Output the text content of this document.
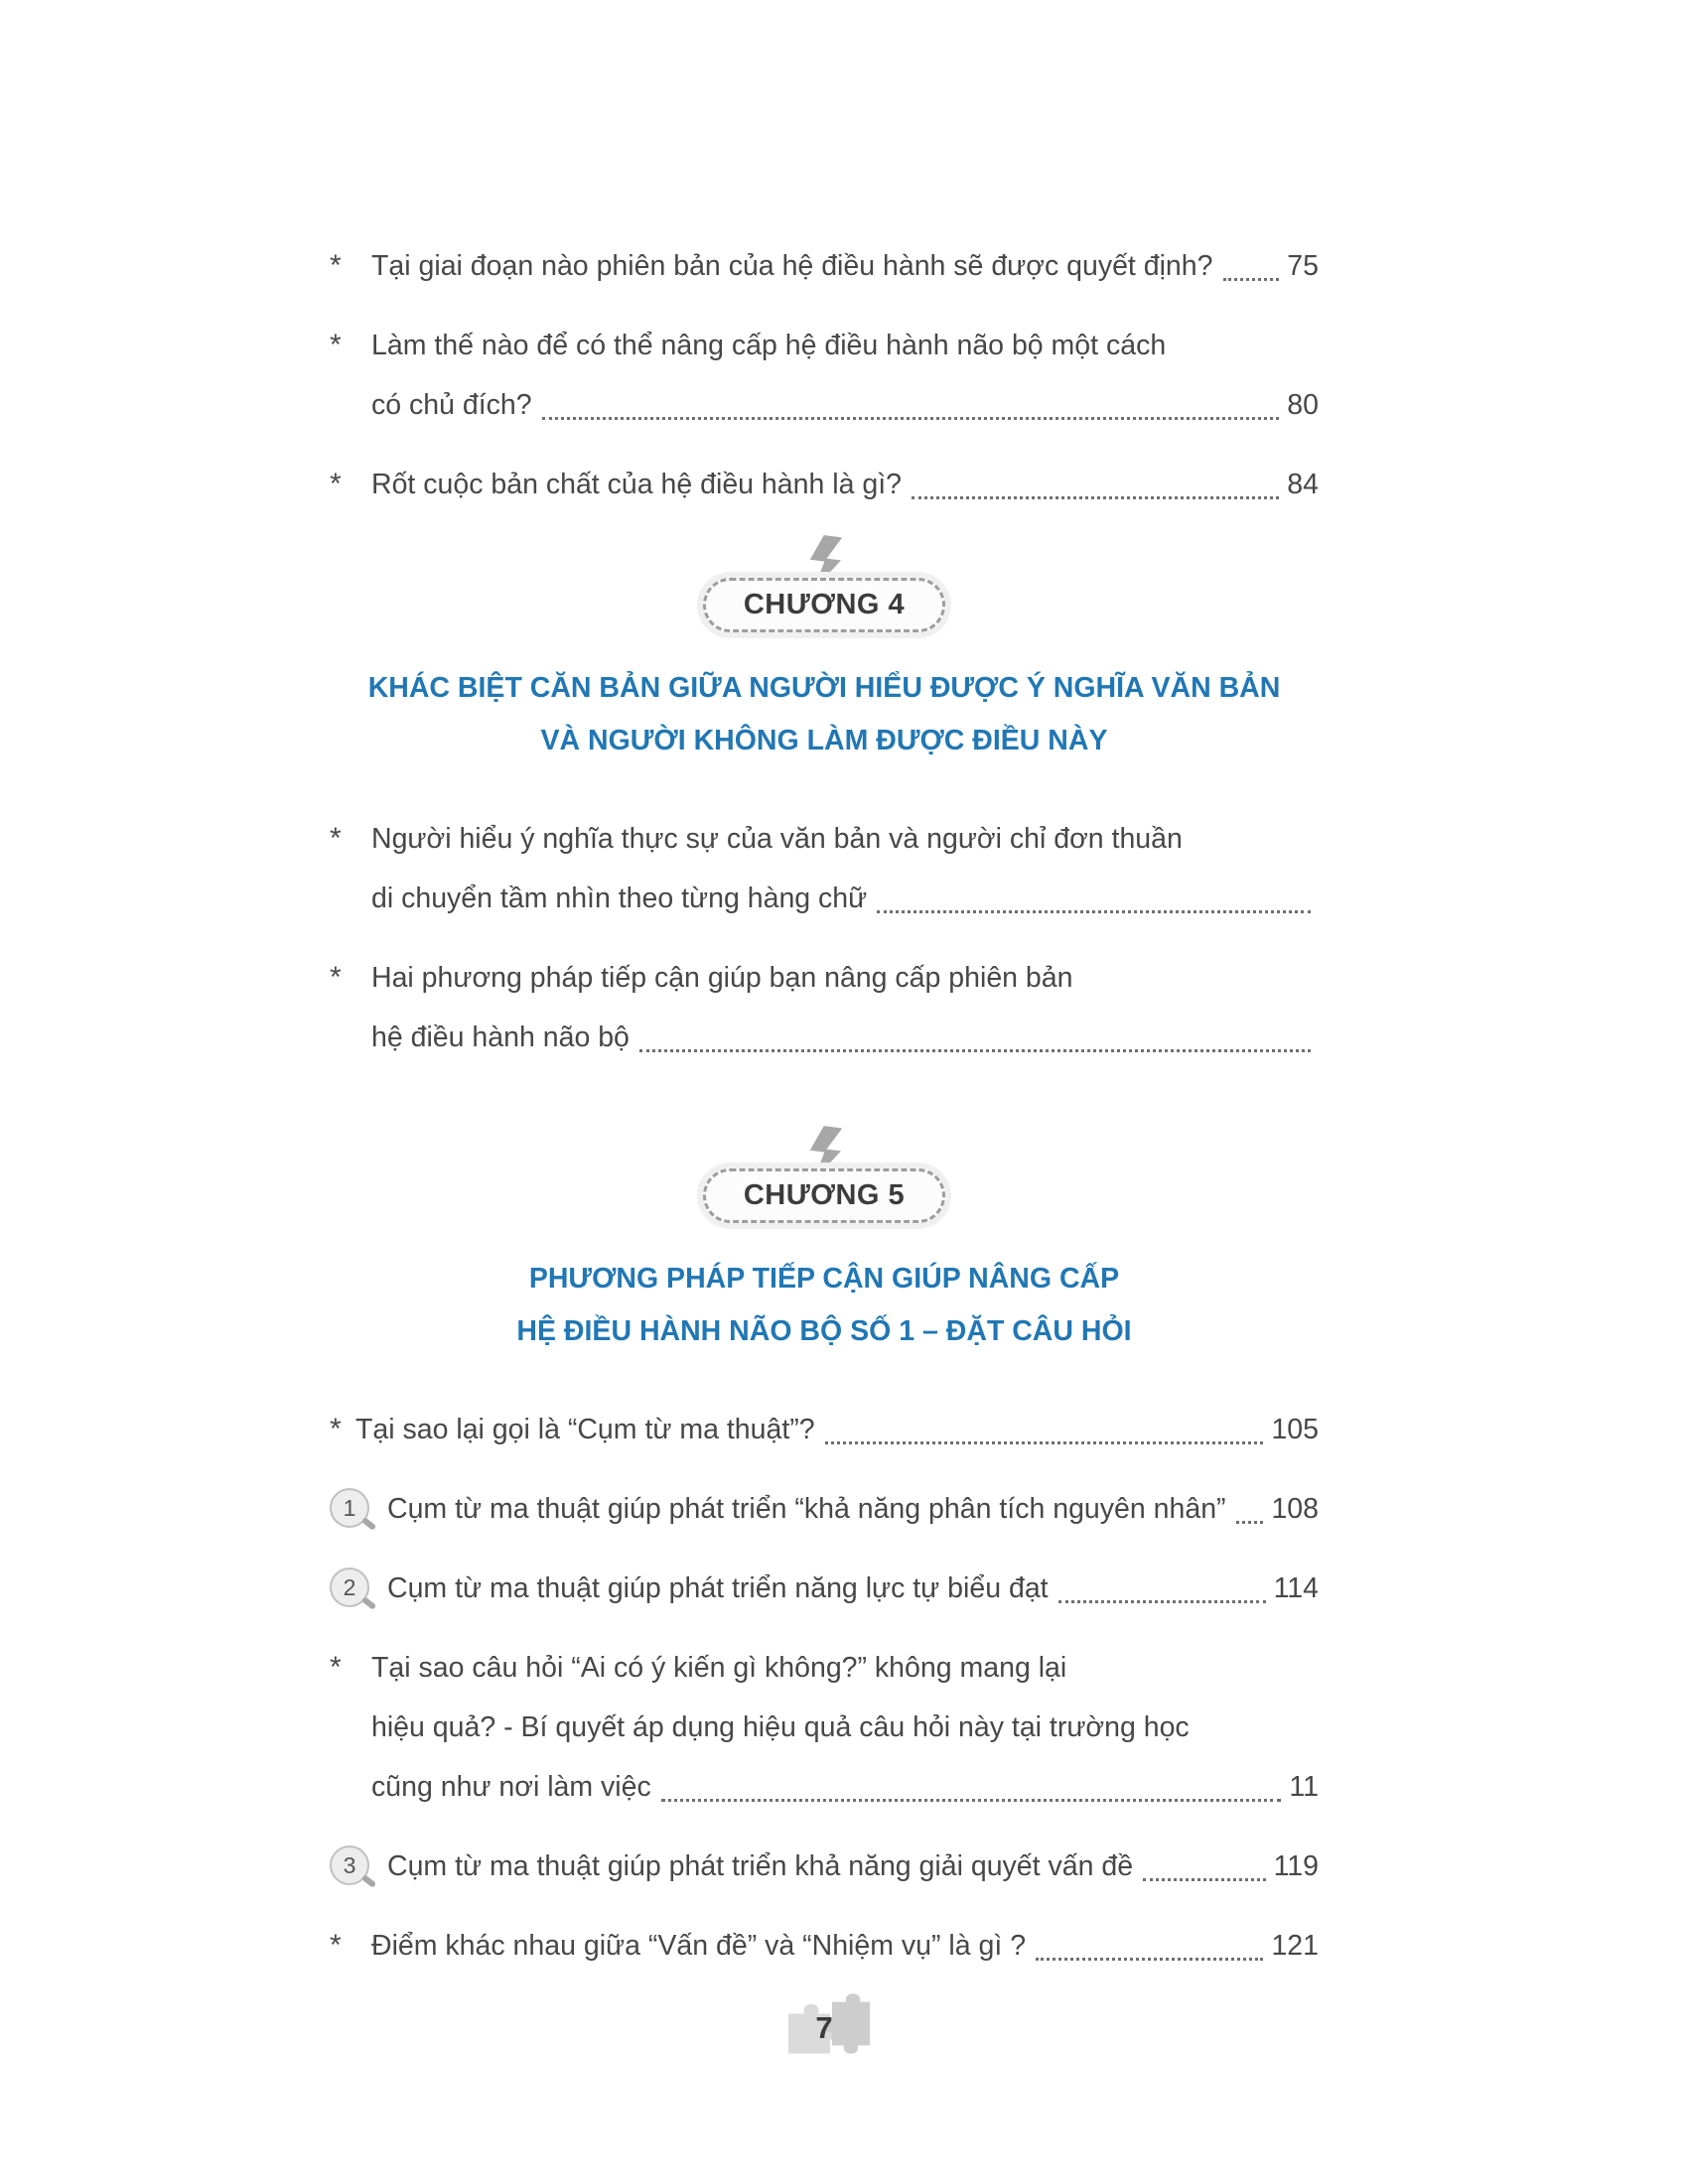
*	Tại giai đoạn nào phiên bản của hệ điều hành sẽ được quyết định?	75
*	Làm thế nào để có thể nâng cấp hệ điều hành não bộ một cách
có chủ đích?	80
*	Rốt cuộc bản chất của hệ điều hành là gì?	84
CHƯƠNG 4
KHÁC BIỆT CĂN BẢN GIỮA NGƯỜI HIỂU ĐƯỢC Ý NGHĨA VĂN BẢN
VÀ NGƯỜI KHÔNG LÀM ĐƯỢC ĐIỀU NÀY
*	Người hiểu ý nghĩa thực sự của văn bản và người chỉ đơn thuần
di chuyển tầm nhìn theo từng hàng chữ
*	Hai phương pháp tiếp cận giúp bạn nâng cấp phiên bản
hệ điều hành não bộ
CHƯƠNG 5
PHƯƠNG PHÁP TIẾP CẬN GIÚP NÂNG CẤP
HỆ ĐIỀU HÀNH NÃO BỘ SỐ 1 – ĐẶT CÂU HỎI
* Tại sao lại gọi là “Cụm từ ma thuật”?	105
1	Cụm từ ma thuật giúp phát triển “khả năng phân tích nguyên nhân” 108
2	Cụm từ ma thuật giúp phát triển năng lực tự biểu đạt	114
*	Tại sao câu hỏi “Ai có ý kiến gì không?” không mang lại
hiệu quả? - Bí quyết áp dụng hiệu quả câu hỏi này tại trường học
cũng như nơi làm việc	11
3	Cụm từ ma thuật giúp phát triển khả năng giải quyết vấn đề	119
*	Điểm khác nhau giữa “Vấn đề” và “Nhiệm vụ” là gì ?	121
7
